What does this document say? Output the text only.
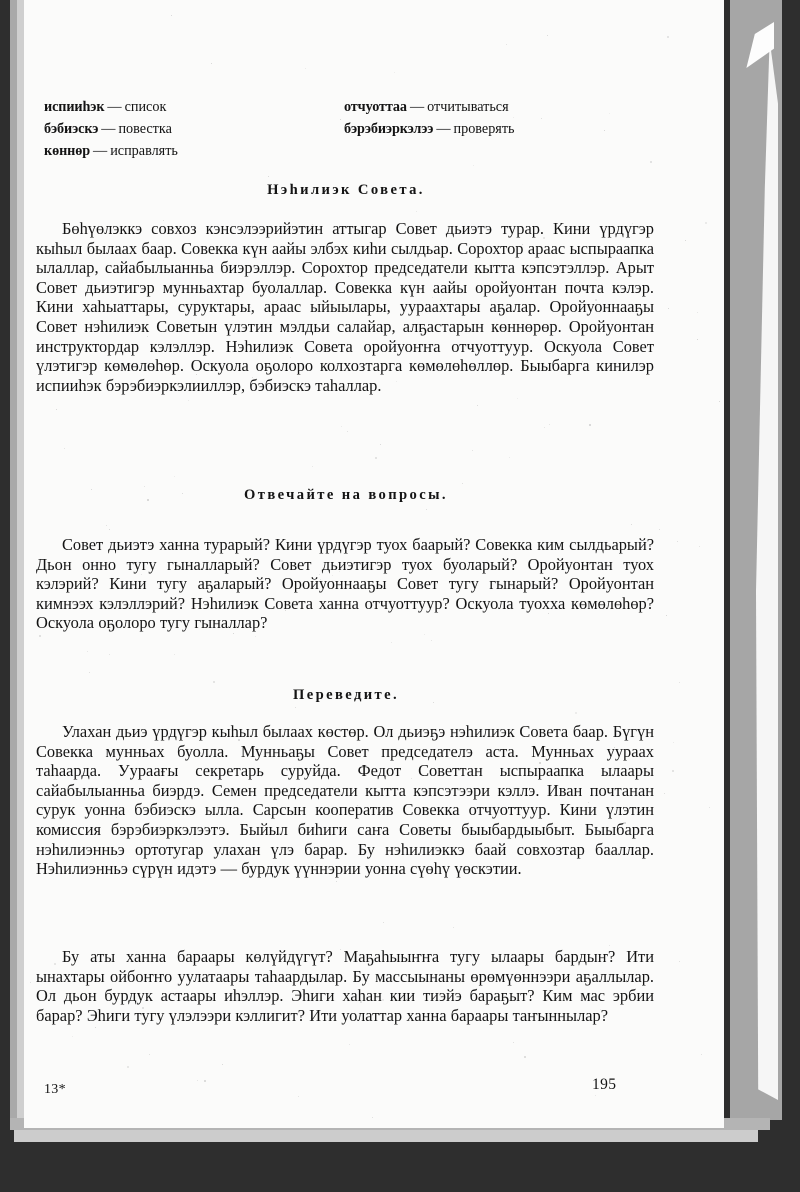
испииһэк — список
бэбиэскэ — повестка
көннөр — исправлять
отчуоттаа — отчитываться
бэрэбиэркэлээ — проверять
Нэһилиэк Совета.

Бөһүөлэккэ совхоз кэнсэлээрийэтин аттыгар Совет дьиэтэ турар. Кини үрдүгэр кыһыл былаах баар. Совекка күн аайы элбэх киһи сылдьар. Сорохтор араас ыспыраапка ылаллар, сайабылыанньа биэрэллэр. Сорохтор председатели кытта кэпсэтэллэр. Арыт Совет дьиэтигэр мунньахтар буолаллар. Совекка күн аайы оройуонтан почта кэлэр. Кини хаһыаттары, суруктары, араас ыйыылары, уураахтары аҕалар. Оройуоннааҕы Совет нэһилиэк Советын үлэтин мэлдьи салайар, алҕастарын көннөрөр. Оройуонтан инструктордар кэлэллэр. Нэһилиэк Совета оройуоҥҥа отчуоттуур. Оскуола Совет үлэтигэр көмөлөһөр. Оскуола оҕолоро колхозтарга көмөлөһөллөр. Быыбарга кинилэр испииһэк бэрэбиэркэлииллэр, бэбиэскэ таһаллар.

Отвечайте на вопросы.

Совет дьиэтэ ханна турарый? Кини үрдүгэр туох баарый? Совекка ким сылдьарый? Дьон онно тугу гыналларый? Совет дьиэтигэр туох буоларый? Оройуонтан туох кэлэрий? Кини тугу аҕаларый? Оройуоннааҕы Совет тугу гынарый? Оройуонтан кимнээх кэлэллэрий? Нэһилиэк Совета ханна отчуоттуур? Оскуола туохха көмөлөһөр? Оскуола оҕолоро тугу гыналлар?

Переведите.

Улахан дьиэ үрдүгэр кыһыл былаах көстөр. Ол дьиэҕэ нэһилиэк Совета баар. Бүгүн Совекка мунньах буолла. Мунньаҕы Совет председателэ аста. Мунньах уураах таһаарда. Уураағы секретарь суруйда. Федот Советтан ыспыраапка ылаары сайабылыанньа биэрдэ. Семен председатели кытта кэпсэтээри кэллэ. Иван почтанан сурук уонна бэбиэскэ ылла. Сарсын кооператив Совекка отчуоттуур. Кини үлэтин комиссия бэрэбиэркэлээтэ. Быйыл биһиги саҥа Советы быыбардыыбыт. Быыбарга нэһилиэнньэ ортотугар улахан үлэ барар. Бу нэһилиэккэ баай совхозтар бааллар. Нэһилиэнньэ сүрүн идэтэ — бурдук үүннэрии уонна сүөһү үөскэтии.

Бу аты ханна бараары көлүйдүгүт? Маҕаһыыҥҥа тугу ылаары бардыҥ? Ити ынахтары ойбоҥҥо уулатаары таһаардылар. Бу массыынаны өрөмүөннээри аҕаллылар. Ол дьон бурдук астаары иһэллэр. Эһиги хаһан кии тиэйэ бараҕыт? Ким мас эрбии барар? Эһиги тугу үлэлээри кэллигит? Ити уолаттар ханна бараары таҥыннылар?

13*	195
